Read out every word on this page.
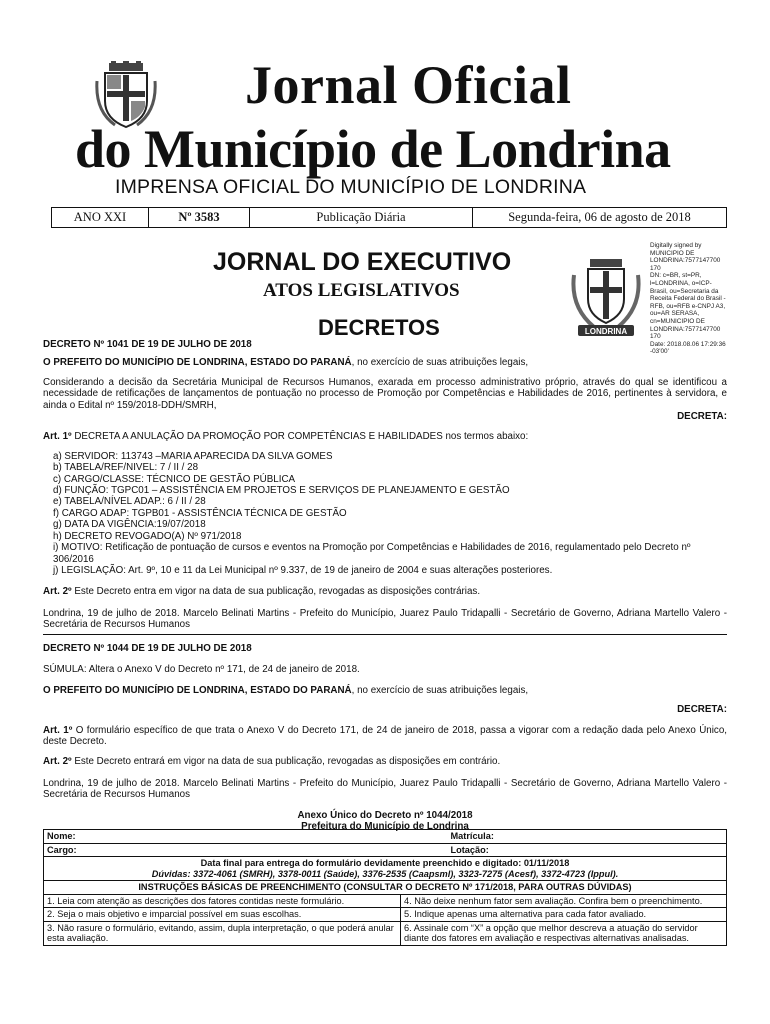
Jornal Oficial
do Município de Londrina
IMPRENSA OFICIAL DO MUNICÍPIO DE LONDRINA
ANO XXI	Nº 3583	Publicação Diária	Segunda-feira, 06 de agosto de 2018
JORNAL DO EXECUTIVO
ATOS LEGISLATIVOS
DECRETOS	LONDRINA
Digitally signed by
MUNICIPIO DE
LONDRINA:7577147700
170
DN: c=BR, st=PR,
l=LONDRINA, o=ICP-
Brasil, ou=Secretaria da
Receita Federal do Brasil -
RFB, ou=RFB e-CNPJ A3,
ou=AR SERASA,
cn=MUNICIPIO DE
LONDRINA:7577147700
170
Date: 2018.08.06 17:29:36
-03'00'

DECRETO Nº 1041 DE 19 DE JULHO DE 2018

O PREFEITO DO MUNICÍPIO DE LONDRINA, ESTADO DO PARANÁ, no exercício de suas atribuições legais,

Considerando a decisão da Secretária Municipal de Recursos Humanos, exarada em processo administrativo próprio, através do qual se identificou a necessidade de retificações de lançamentos de pontuação no processo de Promoção por Competências e Habilidades de 2016, pertinentes à servidora, e ainda o Edital nº 159/2018-DDH/SMRH,

DECRETA:

Art. 1º DECRETA A ANULAÇÃO DA PROMOÇÃO POR COMPETÊNCIAS E HABILIDADES nos termos abaixo:

a) SERVIDOR: 113743 –MARIA APARECIDA DA SILVA GOMES

b) TABELA/REF/NIVEL: 7 / II / 28

c) CARGO/CLASSE: TÉCNICO DE GESTÃO PÚBLICA

d) FUNÇÃO: TGPC01 – ASSISTÊNCIA EM PROJETOS E SERVIÇOS DE PLANEJAMENTO E GESTÃO

e) TABELA/NÍVEL ADAP.: 6 / II / 28

f) CARGO ADAP: TGPB01 - ASSISTÊNCIA TÉCNICA DE GESTÃO

g) DATA DA VIGÊNCIA:19/07/2018

h) DECRETO REVOGADO(A) Nº 971/2018

i) MOTIVO: Retificação de pontuação de cursos e eventos na Promoção por Competências e Habilidades de 2016, regulamentado pelo Decreto nº 306/2016

j) LEGISLAÇÃO: Art. 9º, 10 e 11 da Lei Municipal nº 9.337, de 19 de janeiro de 2004 e suas alterações posteriores.

Art. 2º Este Decreto entra em vigor na data de sua publicação, revogadas as disposições contrárias.

Londrina, 19 de julho de 2018. Marcelo Belinati Martins - Prefeito do Município, Juarez Paulo Tridapalli - Secretário de Governo, Adriana Martello Valero - Secretária de Recursos Humanos

DECRETO Nº 1044 DE 19 DE JULHO DE 2018

SÚMULA: Altera o Anexo V do Decreto nº 171, de 24 de janeiro de 2018.

O PREFEITO DO MUNICÍPIO DE LONDRINA, ESTADO DO PARANÁ, no exercício de suas atribuições legais,

DECRETA:

Art. 1º O formulário específico de que trata o Anexo V do Decreto 171, de 24 de janeiro de 2018, passa a vigorar com a redação dada pelo Anexo Único, deste Decreto.

Art. 2º Este Decreto entrará em vigor na data de sua publicação, revogadas as disposições em contrário.

Londrina, 19 de julho de 2018. Marcelo Belinati Martins - Prefeito do Município, Juarez Paulo Tridapalli - Secretário de Governo, Adriana Martello Valero - Secretária de Recursos Humanos

Anexo Único do Decreto nº 1044/2018

Prefeitura do Município de Londrina

Nome:	Matrícula:
Cargo:	Lotação:

Data final para entrega do formulário devidamente preenchido e digitado: 01/11/2018
Dúvidas: 3372-4061 (SMRH), 3378-0011 (Saúde), 3376-2535 (Caapsml), 3323-7275 (Acesf), 3372-4723 (Ippul).	

INSTRUÇÕES BÁSICAS DE PREENCHIMENTO (CONSULTAR O DECRETO Nº 171/2018, PARA OUTRAS DÚVIDAS)	
1. Leia com atenção as descrições dos fatores contidas neste formulário.	4. Não deixe nenhum fator sem avaliação. Confira bem o preenchimento.
2. Seja o mais objetivo e imparcial possível em suas escolhas.	5. Indique apenas uma alternativa para cada fator avaliado.
3. Não rasure o formulário, evitando, assim, dupla interpretação, o que poderá anular esta avaliação.	6. Assinale com “X” a opção que melhor descreva a atuação do servidor diante dos fatores em avaliação e respectivas alternativas analisadas.
